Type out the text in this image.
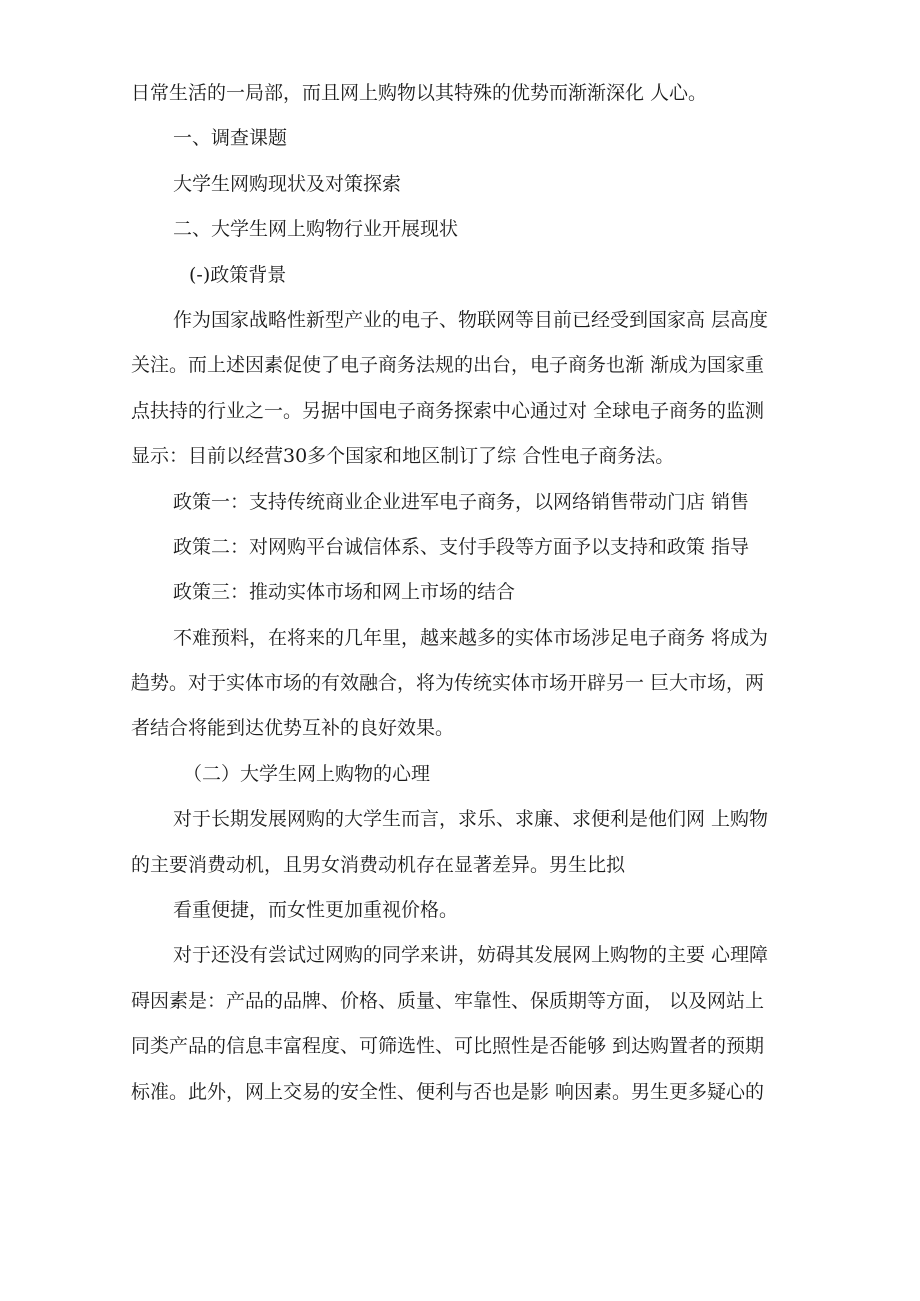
日常生活的一局部，而且网上购物以其特殊的优势而渐渐深化 人心。
一、调查课题
大学生网购现状及对策探索
二、大学生网上购物行业开展现状
(-)政策背景
作为国家战略性新型产业的电子、物联网等目前已经受到国家高 层高度
关注。而上述因素促使了电子商务法规的出台，电子商务也渐 渐成为国家重
点扶持的行业之一。另据中国电子商务探索中心通过对 全球电子商务的监测
显示：目前以经营30多个国家和地区制订了综 合性电子商务法。
政策一：支持传统商业企业进军电子商务，以网络销售带动门店 销售
政策二：对网购平台诚信体系、支付手段等方面予以支持和政策 指导
政策三：推动实体市场和网上市场的结合
不难预料，在将来的几年里，越来越多的实体市场涉足电子商务 将成为
趋势。对于实体市场的有效融合，将为传统实体市场开辟另一 巨大市场，两
者结合将能到达优势互补的良好效果。
（二）大学生网上购物的心理
对于长期发展网购的大学生而言，求乐、求廉、求便利是他们网 上购物
的主要消费动机，且男女消费动机存在显著差异。男生比拟
看重便捷，而女性更加重视价格。
对于还没有尝试过网购的同学来讲，妨碍其发展网上购物的主要 心理障
碍因素是：产品的品牌、价格、质量、牢靠性、保质期等方面， 以及网站上
同类产品的信息丰富程度、可筛选性、可比照性是否能够 到达购置者的预期
标准。此外，网上交易的安全性、便利与否也是影 响因素。男生更多疑心的
